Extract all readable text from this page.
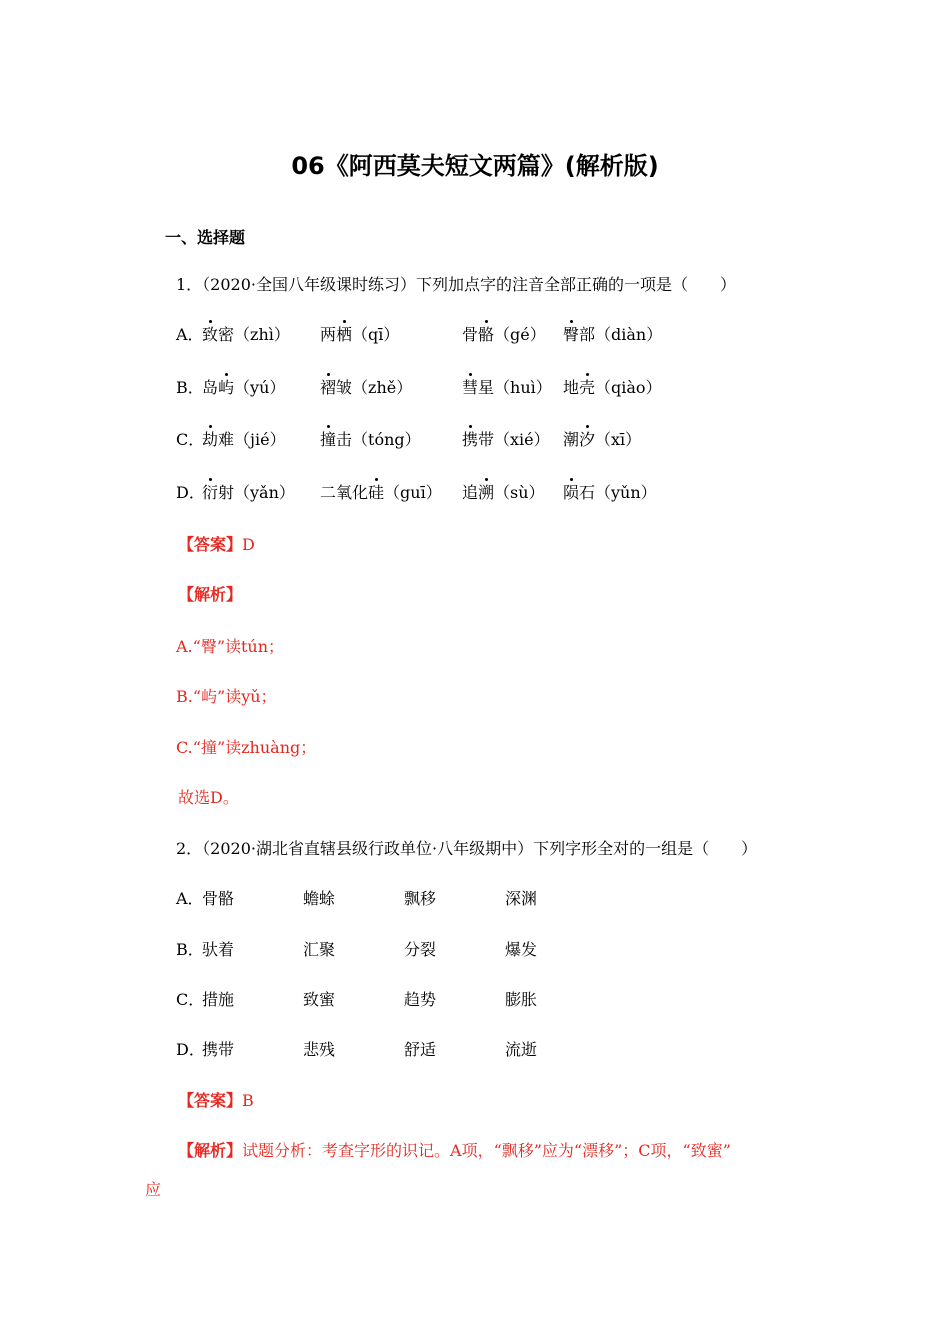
06《阿西莫夫短文两篇》(解析版)
一、选择题
1．（2020·全国八年级课时练习）下列加点字的注音全部正确的一项是（　　）
A．
致密（zhì） 两栖（qī）	骨骼（gé） 臀部（diàn）
B．
岛屿（yú） 褶皱（zhě）	彗星（huì） 地壳（qiào）
C．
劫难（jié） 撞击（tóng）	携带（xié） 潮汐（xī）
D．
衍射（yǎn） 二氧化硅（guī） 追溯（sù） 陨石（yǔn）
【答案】D
【解析】
A.“臀”读tún；
B.“屿”读yǔ；
C.“撞”读zhuàng；
故选D。
2．（2020·湖北省直辖县级行政单位·八年级期中）下列字形全对的一组是（　　）
A．
骨骼	蟾蜍	飘移	深渊
B．
驮着	汇聚	分裂	爆发
C．
措施	致蜜	趋势	膨胀
D．
携带	悲残	舒适	流逝
【答案】B
【解析】试题分析：考查字形的识记。A项，“飘移”应为“漂移”；C项，“致蜜”
应
